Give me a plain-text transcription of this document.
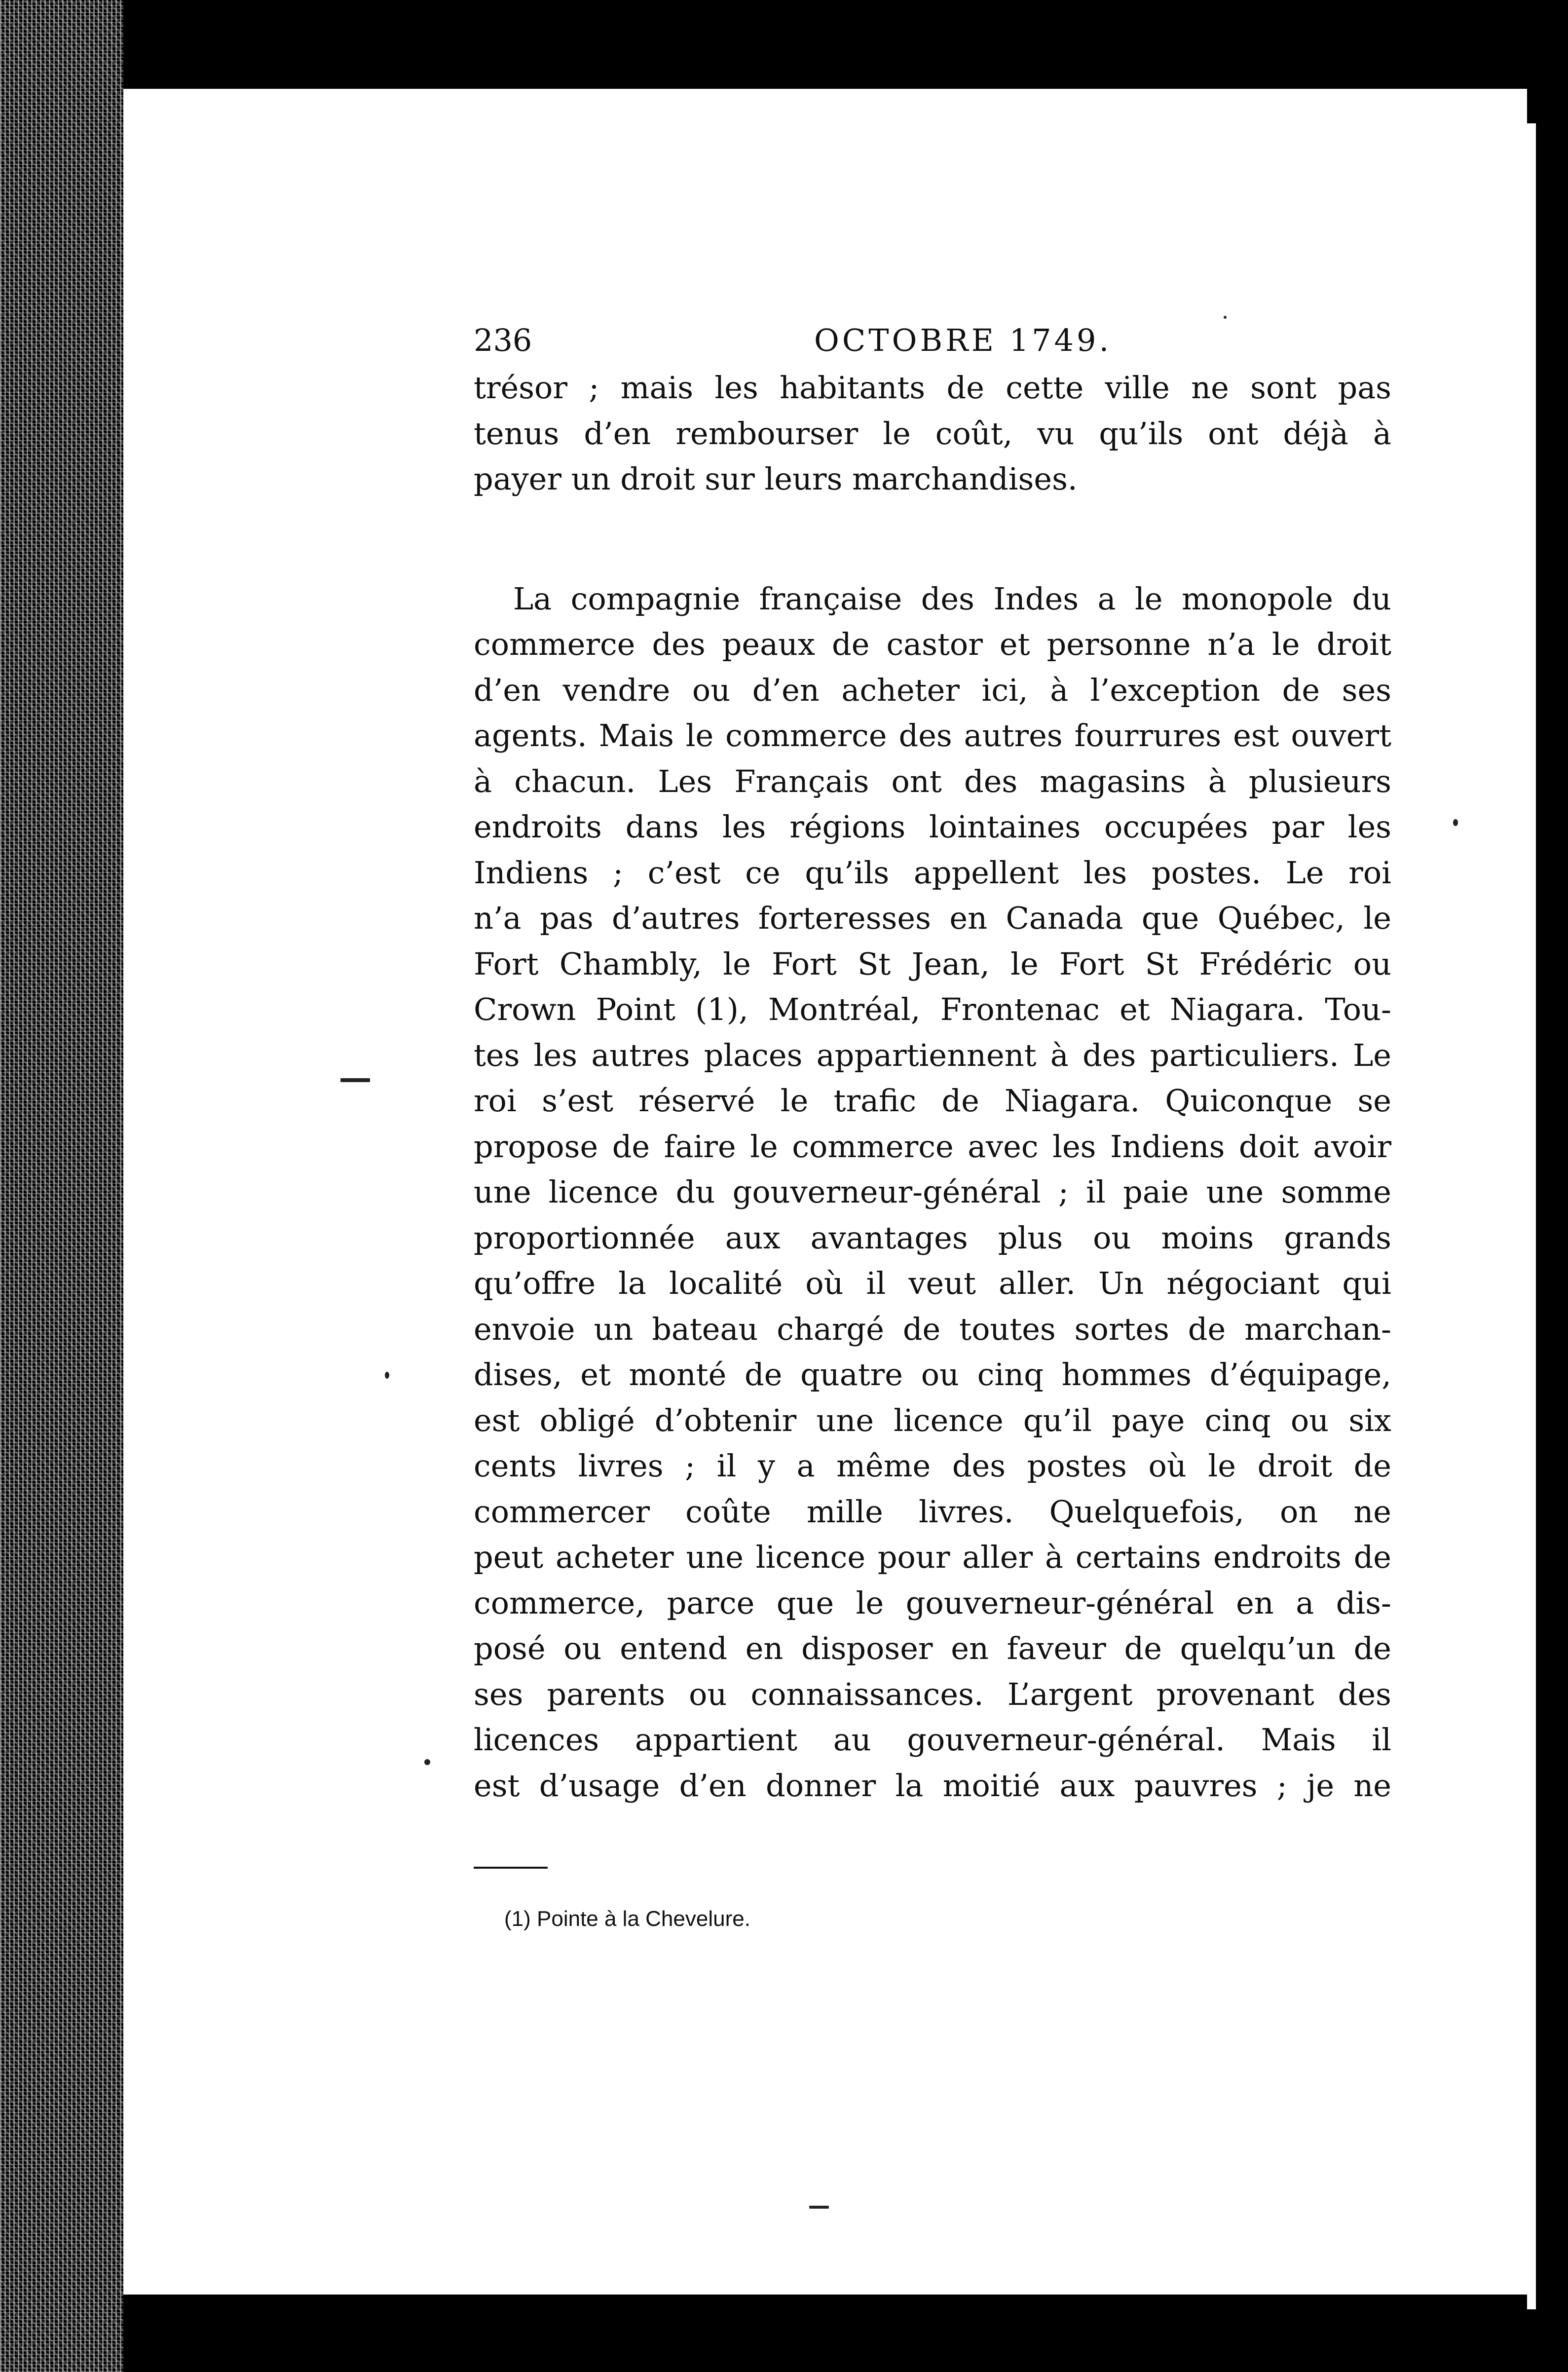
236	OCTOBRE 1749.
trésor ; mais les habitants de cette ville ne sont pas
tenus d’en rembourser le coût, vu qu’ils ont déjà à
payer un droit sur leurs marchandises.
La compagnie française des Indes a le monopole du
commerce des peaux de castor et personne n’a le droit
d’en vendre ou d’en acheter ici, à l’exception de ses
agents. Mais le commerce des autres fourrures est ouvert
à chacun. Les Français ont des magasins à plusieurs
endroits dans les régions lointaines occupées par les
Indiens ; c’est ce qu’ils appellent les postes. Le roi
n’a pas d’autres forteresses en Canada que Québec, le
Fort Chambly, le Fort St Jean, le Fort St Frédéric ou
Crown Point (1), Montréal, Frontenac et Niagara. Tou-
tes les autres places appartiennent à des particuliers. Le
roi s’est réservé le trafic de Niagara. Quiconque se
propose de faire le commerce avec les Indiens doit avoir
une licence du gouverneur-général ; il paie une somme
proportionnée aux avantages plus ou moins grands
qu’offre la localité où il veut aller. Un négociant qui
envoie un bateau chargé de toutes sortes de marchan-
dises, et monté de quatre ou cinq hommes d’équipage,
est obligé d’obtenir une licence qu’il paye cinq ou six
cents livres ; il y a même des postes où le droit de
commercer coûte mille livres. Quelquefois, on ne
peut acheter une licence pour aller à certains endroits de
commerce, parce que le gouverneur-général en a dis-
posé ou entend en disposer en faveur de quelqu’un de
ses parents ou connaissances. L’argent provenant des
licences appartient au gouverneur-général. Mais il
est d’usage d’en donner la moitié aux pauvres ; je ne
(1) Pointe à la Chevelure.
